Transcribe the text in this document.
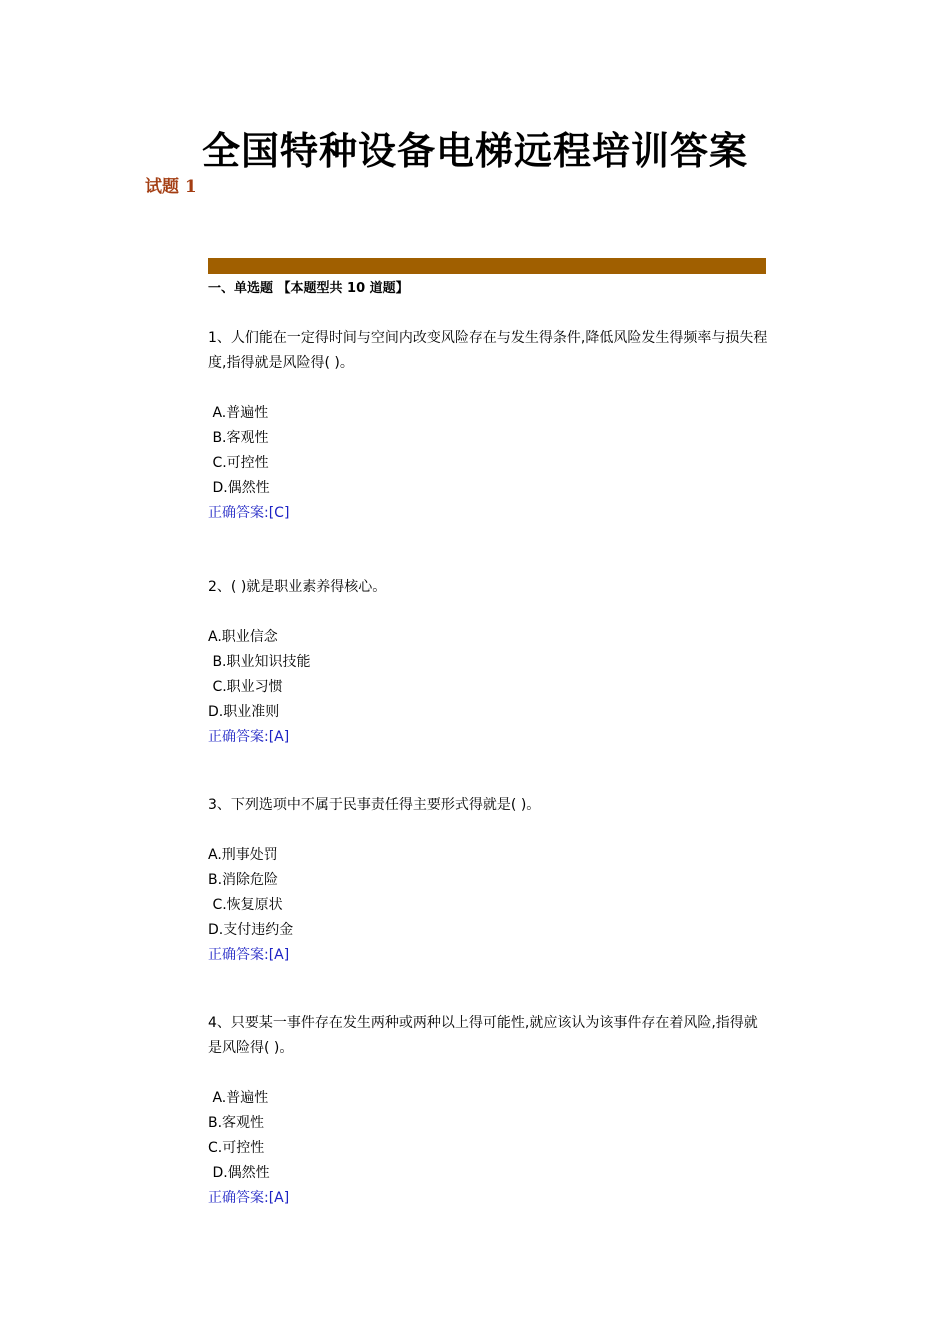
全国特种设备电梯远程培训答案
试题 1
一、单选题 【本题型共 10 道题】

1、人们能在一定得时间与空间内改变风险存在与发生得条件,降低风险发生得频率与损失程度,指得就是风险得( )。

A.普遍性
B.客观性
C.可控性
D.偶然性
正确答案:[C]

2、( )就是职业素养得核心。

A.职业信念
B.职业知识技能
C.职业习惯
D.职业准则
正确答案:[A]

3、下列选项中不属于民事责任得主要形式得就是( )。

A.刑事处罚
B.消除危险
C.恢复原状
D.支付违约金
正确答案:[A]

4、只要某一事件存在发生两种或两种以上得可能性,就应该认为该事件存在着风险,指得就是风险得( )。

A.普遍性
B.客观性
C.可控性
D.偶然性
正确答案:[A]
